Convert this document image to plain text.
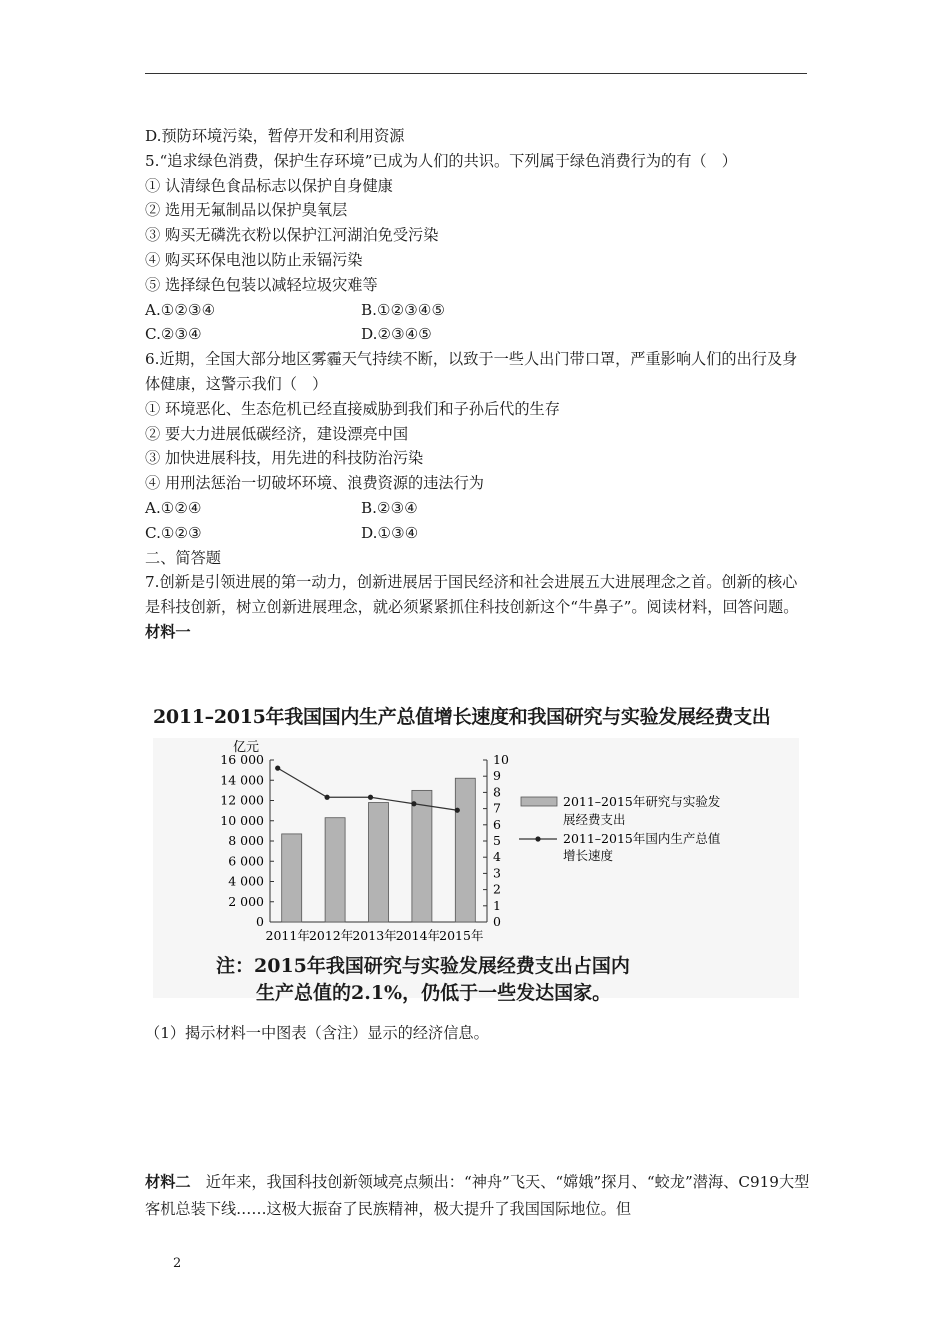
D.预防环境污染，暂停开发和利用资源
5.“追求绿色消费，保护生存环境”已成为人们的共识。下列属于绿色消费行为的有（　）
① 认清绿色食品标志以保护自身健康
② 选用无氟制品以保护臭氧层
③ 购买无磷洗衣粉以保护江河湖泊免受污染
④ 购买环保电池以防止汞镉污染
⑤ 选择绿色包装以减轻垃圾灾难等
A.①②③④	B.①②③④⑤
C.②③④	D.②③④⑤
6.近期，全国大部分地区雾霾天气持续不断，以致于一些人出门带口罩，严重影响人们的出行及身体健康，这警示我们（　）
① 环境恶化、生态危机已经直接威胁到我们和子孙后代的生存
② 要大力进展低碳经济，建设漂亮中国
③ 加快进展科技，用先进的科技防治污染
④ 用刑法惩治一切破坏环境、浪费资源的违法行为
A.①②④	B.②③④
C.①②③	D.①③④
二、简答题
7.创新是引领进展的第一动力，创新进展居于国民经济和社会进展五大进展理念之首。创新的核心是科技创新，树立创新进展理念，就必须紧紧抓住科技创新这个“牛鼻子”。阅读材料，回答问题。
材料一
2011–2015年我国国内生产总值增长速度和我国研究与实验发展经费支出
0
2 000
4 000
6 000
8 000
10 000
12 000
14 000
16 000
0
1
2
3
4
5
6
7
8
9
10
2011年 2012年 2013年 2014年 2015年
2011–2015年研究与实验发
展经费支出
2011–2015年国内生产总值
增长速度
亿元
注：2015年我国研究与实验发展经费支出占国内
生产总值的2.1%，仍低于一些发达国家。
（1）揭示材料一中图表（含注）显示的经济信息。
材料二　近年来，我国科技创新领域亮点频出：“神舟”飞天、“嫦娥”探月、“蛟龙”潜海、C919大型客机总装下线……这极大振奋了民族精神，极大提升了我国国际地位。但
2
